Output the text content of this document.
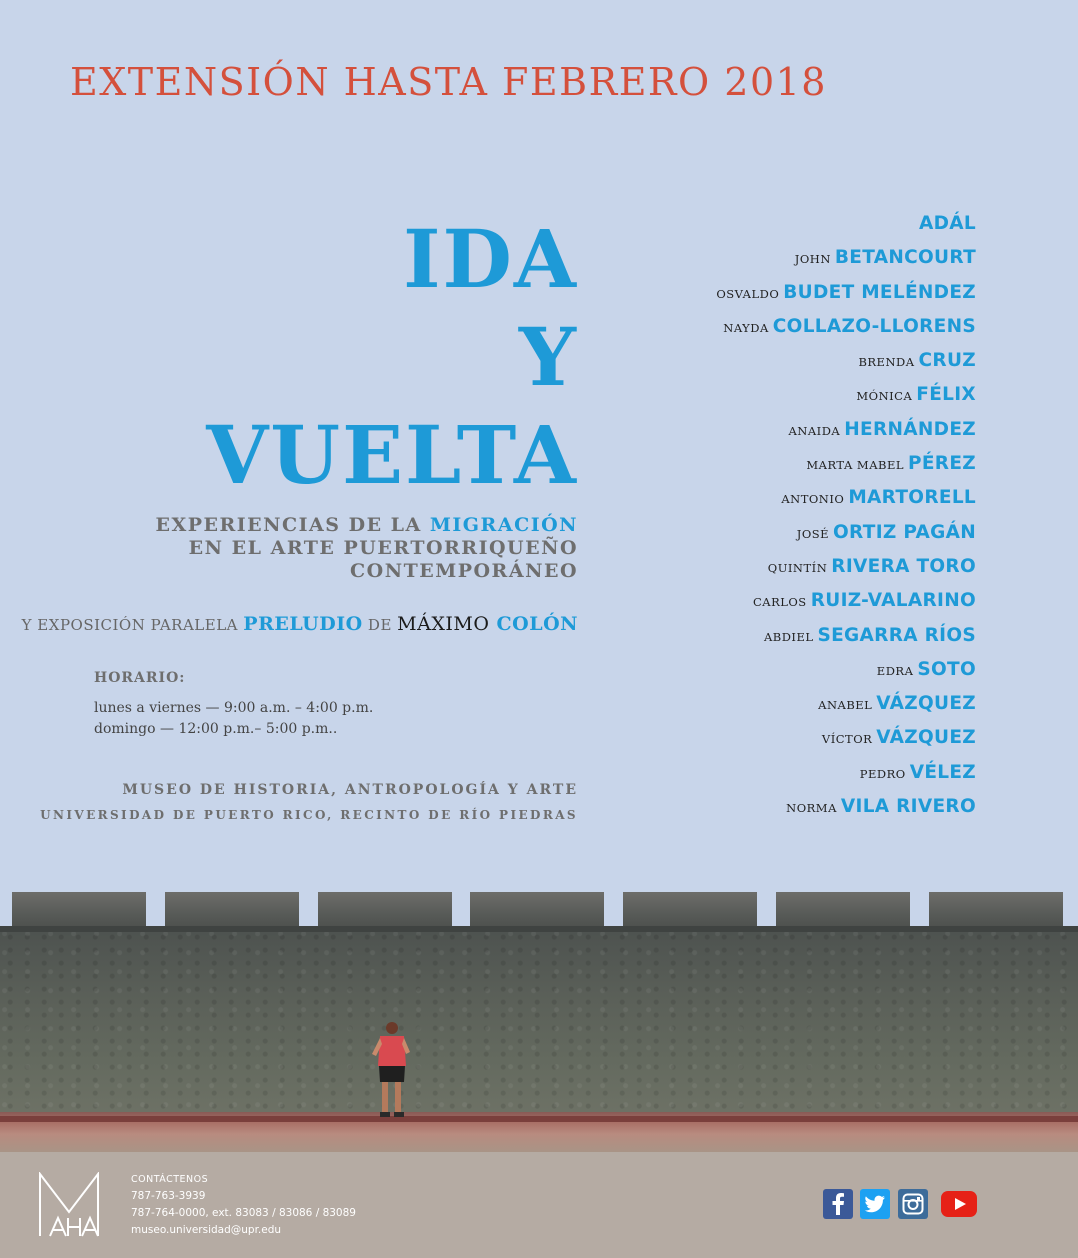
EXTENSIÓN HASTA FEBRERO 2018
IDA
Y
VUELTA
EXPERIENCIAS DE LA MIGRACIÓN
EN EL ARTE PUERTORRIQUEÑO
CONTEMPORÁNEO
Y EXPOSICIÓN PARALELA PRELUDIO DE MÁXIMO COLÓN
HORARIO:
lunes a viernes — 9:00 a.m. – 4:00 p.m.
domingo — 12:00 p.m.– 5:00 p.m..
MUSEO DE HISTORIA, ANTROPOLOGÍA Y ARTE
UNIVERSIDAD DE PUERTO RICO, RECINTO DE RÍO PIEDRAS
ADÁL
JOHN BETANCOURT
OSVALDO BUDET MELÉNDEZ
NAYDA COLLAZO-LLORENS
BRENDA CRUZ
MÓNICA FÉLIX
ANAIDA HERNÁNDEZ
MARTA MABEL PÉREZ
ANTONIO MARTORELL
JOSÉ ORTIZ PAGÁN
QUINTÍN RIVERA TORO
CARLOS RUIZ-VALARINO
ABDIEL SEGARRA RÍOS
EDRA SOTO
ANABEL VÁZQUEZ
VÍCTOR VÁZQUEZ
PEDRO VÉLEZ
NORMA VILA RIVERO
CONTÁCTENOS
787-763-3939
787-764-0000, ext. 83083 / 83086 / 83089
museo.universidad@upr.edu
